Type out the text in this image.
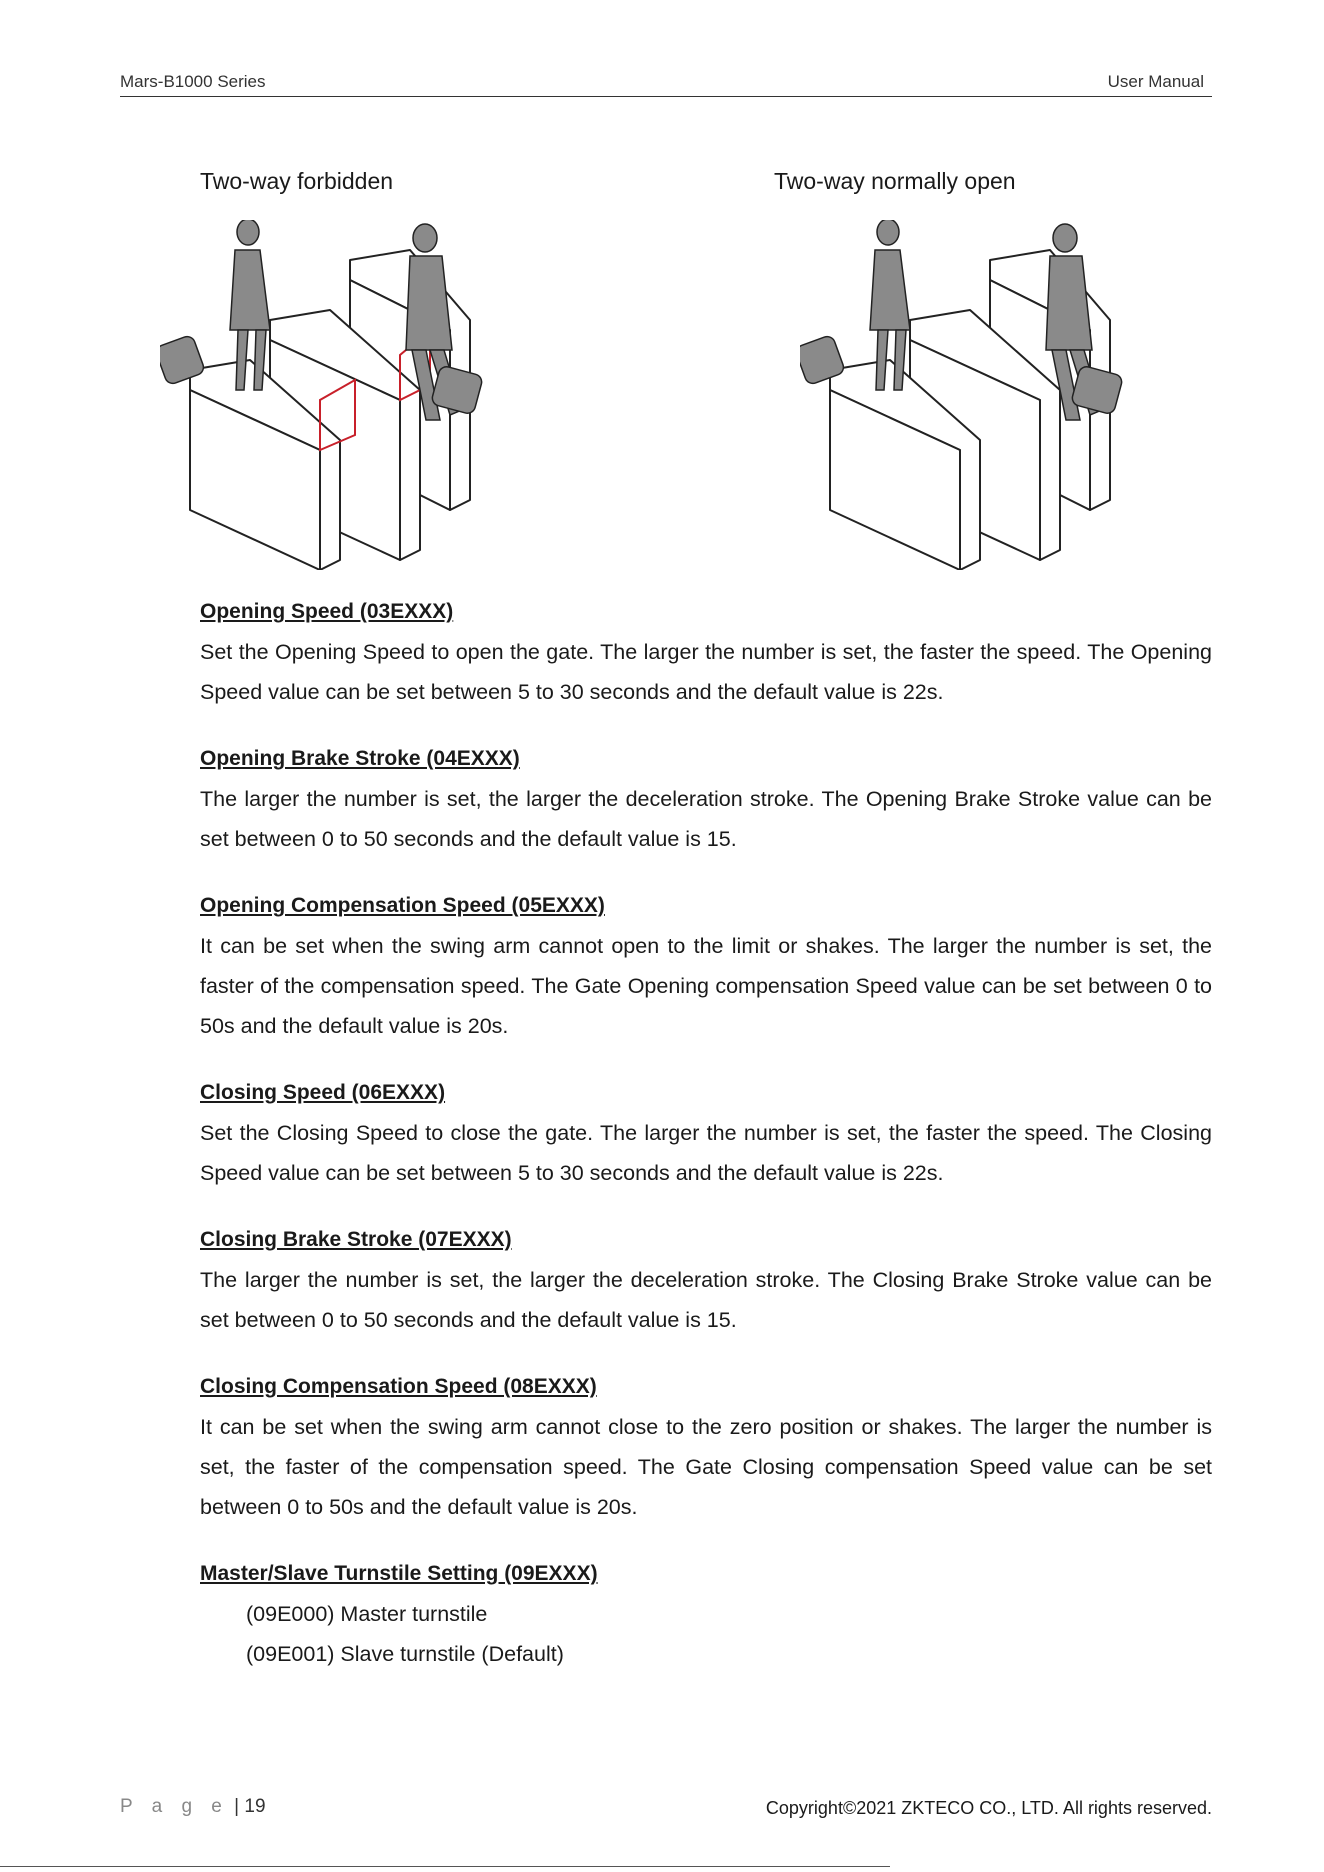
Mars-B1000 Series	User Manual
Two-way forbidden	Two-way normally open
Opening Speed (03EXXX)

Set the Opening Speed to open the gate. The larger the number is set, the faster the speed. The Opening Speed value can be set between 5 to 30 seconds and the default value is 22s.

Opening Brake Stroke (04EXXX)

The larger the number is set, the larger the deceleration stroke. The Opening Brake Stroke value can be set between 0 to 50 seconds and the default value is 15.

Opening Compensation Speed (05EXXX)

It can be set when the swing arm cannot open to the limit or shakes. The larger the number is set, the faster of the compensation speed. The Gate Opening compensation Speed value can be set between 0 to 50s and the default value is 20s.

Closing Speed (06EXXX)

Set the Closing Speed to close the gate. The larger the number is set, the faster the speed. The Closing Speed value can be set between 5 to 30 seconds and the default value is 22s.

Closing Brake Stroke (07EXXX)

The larger the number is set, the larger the deceleration stroke. The Closing Brake Stroke value can be set between 0 to 50 seconds and the default value is 15.

Closing Compensation Speed (08EXXX)

It can be set when the swing arm cannot close to the zero position or shakes. The larger the number is set, the faster of the compensation speed. The Gate Closing compensation Speed value can be set between 0 to 50s and the default value is 20s.

Master/Slave Turnstile Setting (09EXXX)
(09E000) Master turnstile
(09E001) Slave turnstile (Default)
P a g e | 19	Copyright©2021 ZKTECO CO., LTD. All rights reserved.
